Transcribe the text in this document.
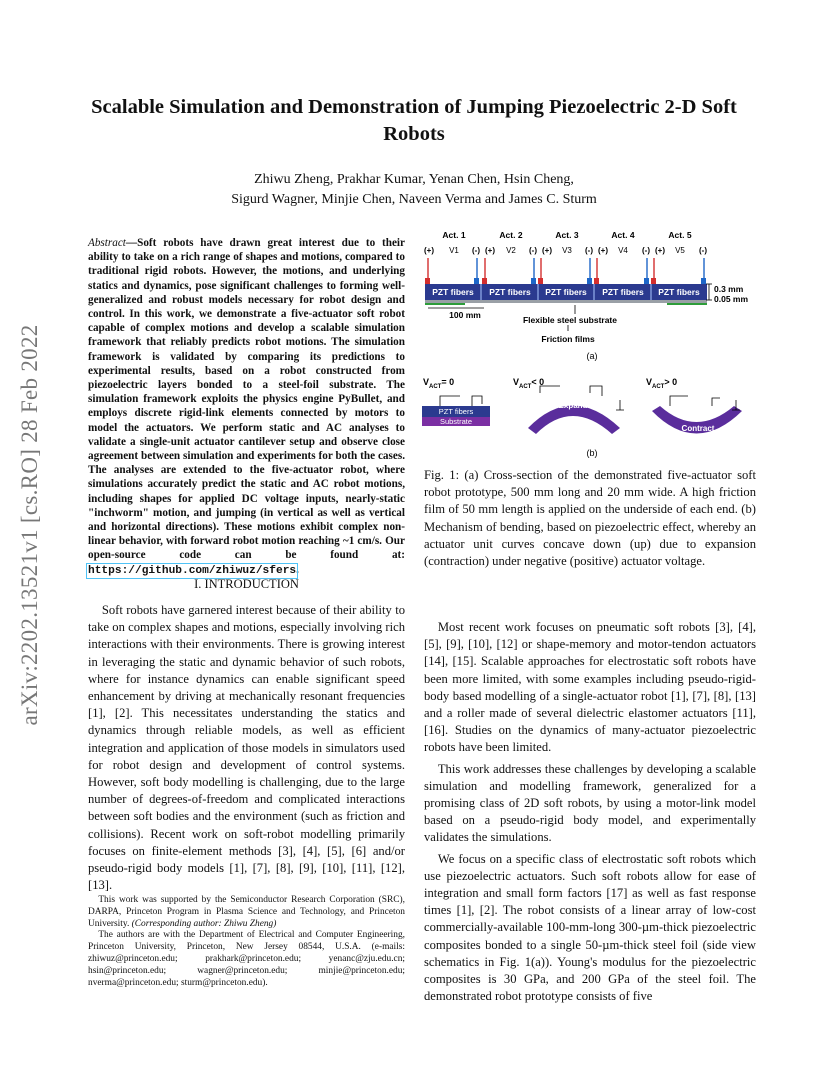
Scalable Simulation and Demonstration of Jumping Piezoelectric 2-D Soft Robots
Zhiwu Zheng, Prakhar Kumar, Yenan Chen, Hsin Cheng,
Sigurd Wagner, Minjie Chen, Naveen Verma and James C. Sturm
arXiv:2202.13521v1 [cs.RO] 28 Feb 2022
Abstract—Soft robots have drawn great interest due to their ability to take on a rich range of shapes and motions, compared to traditional rigid robots. However, the motions, and underlying statics and dynamics, pose significant challenges to forming well-generalized and robust models necessary for robot design and control. In this work, we demonstrate a five-actuator soft robot capable of complex motions and develop a scalable simulation framework that reliably predicts robot motions. The simulation framework is validated by comparing its predictions to experimental results, based on a robot constructed from piezoelectric layers bonded to a steel-foil substrate. The simulation framework exploits the physics engine PyBullet, and employs discrete rigid-link elements connected by motors to model the actuators. We perform static and AC analyses to validate a single-unit actuator cantilever setup and observe close agreement between simulation and experiments for both the cases. The analyses are extended to the five-actuator robot, where simulations accurately predict the static and AC robot motions, including shapes for applied DC voltage inputs, nearly-static "inchworm" motion, and jumping (in vertical as well as vertical and horizontal directions). These motions exhibit complex non-linear behavior, with forward robot motion reaching ~1 cm/s. Our open-source code can be found at: https://github.com/zhiwuz/sfers.
I. INTRODUCTION

Soft robots have garnered interest because of their ability to take on complex shapes and motions, especially involving rich interactions with their environments. There is growing interest in leveraging the static and dynamic behavior of such robots, where for instance dynamics can enable significant speed enhancement by driving at mechanically resonant frequencies [1], [2]. This necessitates understanding the statics and dynamics through reliable models, as well as efficient integration and application of those models in simulators used for robot design and development of control systems. However, soft body modelling is challenging, due to the large number of degrees-of-freedom and complicated interactions between soft bodies and the environment (such as friction and collisions). Recent work on soft-robot modelling primarily focuses on finite-element methods [3], [4], [5], [6] and/or pseudo-rigid body models [1], [7], [8], [9], [10], [11], [12], [13].

This work was supported by the Semiconductor Research Corporation (SRC), DARPA, Princeton Program in Plasma Science and Technology, and Princeton University. (Corresponding author: Zhiwu Zheng)

The authors are with the Department of Electrical and Computer Engineering, Princeton University, Princeton, New Jersey 08544, U.S.A. (e-mails: zhiwuz@princeton.edu; prakhark@princeton.edu; yenanc@zju.edu.cn; hsin@princeton.edu; wagner@princeton.edu; minjie@princeton.edu; nverma@princeton.edu; sturm@princeton.edu).

Act. 1	Act. 2	Act. 3	Act. 4	Act. 5
(+) V1 (-) (+) V2 (-) (+) V3 (-) (+) V4 (-) (+) V5 (-)
PZT fibers PZT fibers PZT fibers PZT fibers PZT fibers 0.3 mm
0.05 mm
100 mm	Flexible steel substrate
Friction films
(a)
$V_{ACT}= 0$	$V_{ACT}< 0$	$V_{ACT}> 0$
PZT fibers
Substrate
Expand
Contract
(b)
Fig. 1: (a) Cross-section of the demonstrated five-actuator soft robot prototype, 500 mm long and 20 mm wide. A high friction film of 50 mm length is applied on the underside of each end. (b) Mechanism of bending, based on piezoelectric effect, whereby an actuator unit curves concave down (up) due to expansion (contraction) under negative (positive) actuator voltage.

Most recent work focuses on pneumatic soft robots [3], [4], [5], [9], [10], [12] or shape-memory and motor-tendon actuators [14], [15]. Scalable approaches for electrostatic soft robots have been more limited, with some examples including pseudo-rigid-body based modelling of a single-actuator robot [1], [7], [8], [13] and a roller made of several dielectric elastomer actuators [11], [16]. Studies on the dynamics of many-actuator piezoelectric robots have been limited.

This work addresses these challenges by developing a scalable simulation and modelling framework, generalized for a promising class of 2D soft robots, by using a motor-link model based on a pseudo-rigid body model, and experimentally validates the simulations.

We focus on a specific class of electrostatic soft robots which use piezoelectric actuators. Such soft robots allow for ease of integration and small form factors [17] as well as fast response times [1], [2]. The robot consists of a linear array of low-cost commercially-available 100-mm-long 300-µm-thick piezoelectric composites bonded to a single 50-µm-thick steel foil (side view schematics in Fig. 1(a)). Young's modulus for the piezoelectric composites is 30 GPa, and 200 GPa of the steel foil. The demonstrated robot prototype consists of five
